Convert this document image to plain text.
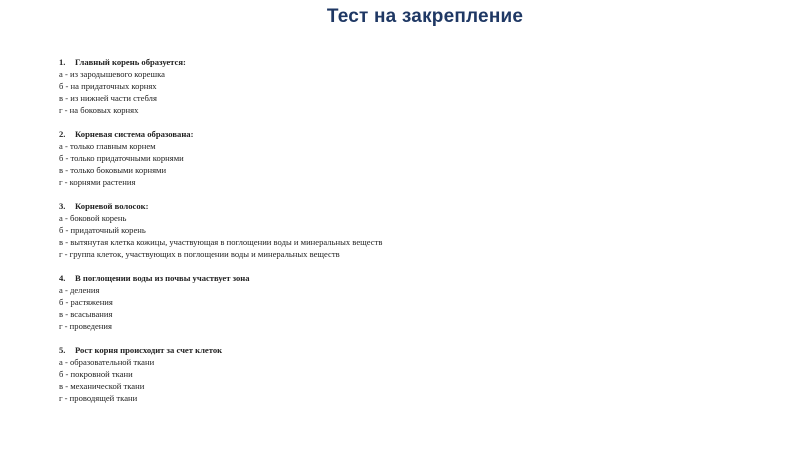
Тест на закрепление
1. Главный корень образуется:
а - из зародышевого корешка
б - на придаточных корнях
в - из нижней части стебля
г - на боковых корнях
2. Корневая система образована:
а - только главным корнем
б - только придаточными корнями
в - только боковыми корнями
г - корнями растения
3. Корневой волосок:
а - боковой корень
б - придаточный корень
в - вытянутая клетка кожицы, участвующая в поглощении воды и минеральных веществ
г - группа клеток, участвующих в поглощении воды и минеральных веществ
4. В поглощении воды из почвы участвует зона
а - деления
б - растяжения
в - всасывания
г - проведения
5. Рост корня происходит за счет клеток
а - образовательной ткани
б - покровной ткани
в - механической ткани
г - проводящей ткани
